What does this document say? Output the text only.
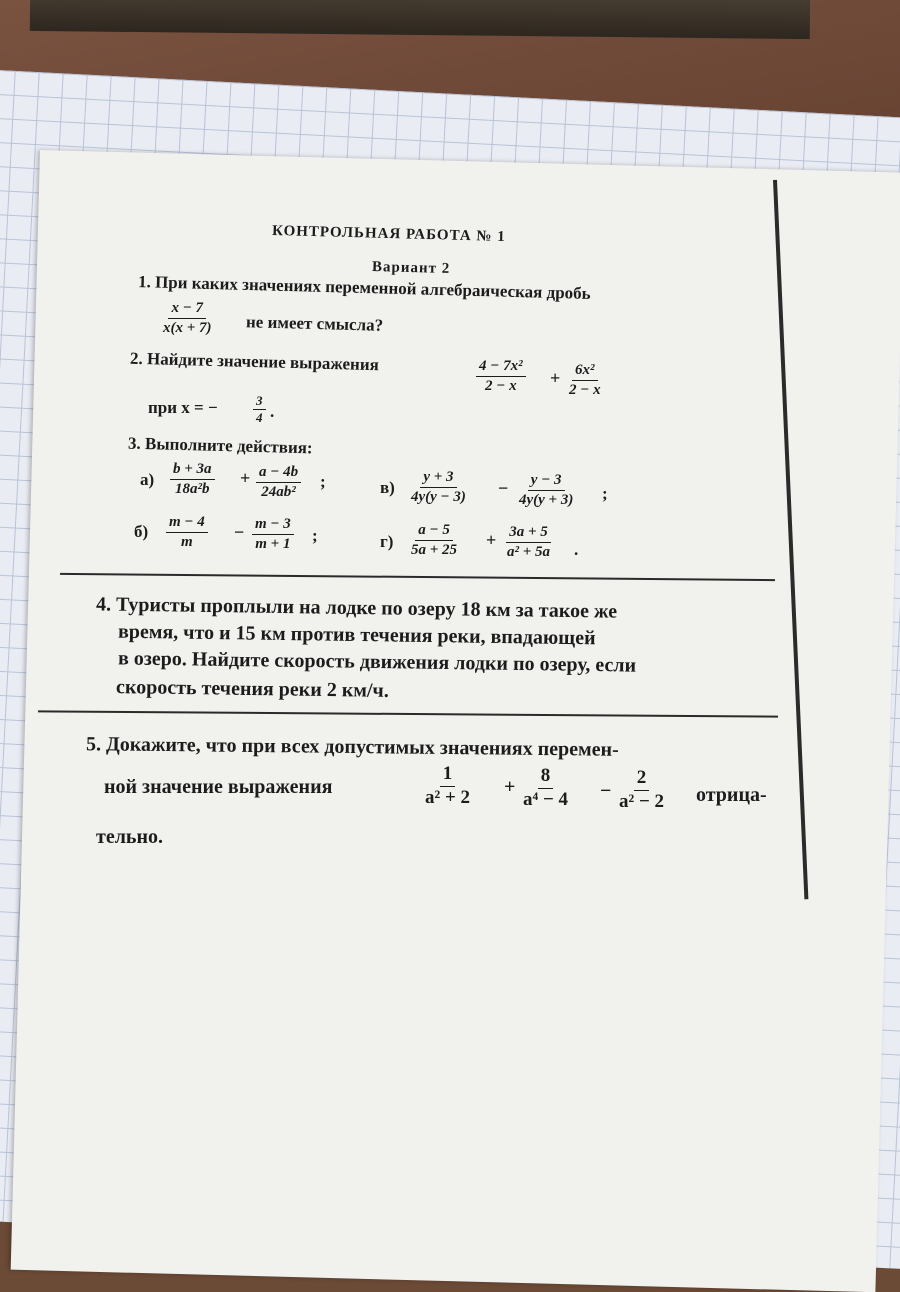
КОНТРОЛЬНАЯ РАБОТА № 1
Вариант 2
1. При каких значениях переменной алгебраическая дробь
$\frac{x - 7}{x(x + 7)}$ не имеет смысла?
2. Найдите значение выражения	$\frac{\text{4 − 7x²}}{2 - x} + \frac{\text{6x²}}{2 - x}$
при x = −	$\frac{3}{4}$ .
3. Выполните действия:
$а) \frac{b + 3a}{\text{18a²b}} + \frac{a - 4b}{\text{24ab²}}$ ;	$в) \frac{y + 3}{4y(y - 3)} - \frac{y - 3}{4y(y + 3)}$ ;
$б) \frac{m - 4}{m} - \frac{m - 3}{m + 1}$ ;	$г) \frac{a - 5}{5a + 25} + \frac{3a + 5}{\text{a² + 5a}}$ .
4. Туристы проплыли на лодке по озеру 18 км за такое же
время, что и 15 км против течения реки, впадающей
в озеро. Найдите скорость движения лодки по озеру, если
скорость течения реки 2 км/ч.
5. Докажите, что при всех допустимых значениях перемен-
ной значение выражения	$\frac{1}{\text{a² + 2}} + \frac{8}{\text{a⁴ − 4}} - \frac{2}{\text{a² − 2}}$ отрица-
тельно.
